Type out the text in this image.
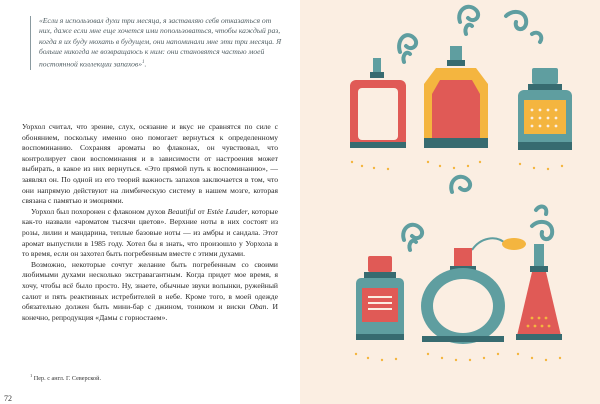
«Если я использовал духи три месяца, я заставляю себя отказаться от них, даже если мне еще хочется ими попользоваться, чтобы каждый раз, когда я их буду нюхать в будущем, они напоминали мне эти три месяца. Я больше никогда не возвращаюсь к ним: они становятся частью моей постоянной коллекции запахов»$^1$.

Уорхол считал, что зрение, слух, осязание и вкус не сравнятся по силе с обонянием, поскольку именно оно помогает вернуться к определенному воспоминанию. Сохраняя ароматы во флаконах, он чувствовал, что контролирует свои воспоминания и в зависимости от настроения может выбирать, в какое из них вернуться. «Это прямой путь к воспоминанию», — заявлял он. По одной из его теорий важность запахов заключается в том, что они напрямую действуют на лимбическую систему в нашем мозге, которая связана с памятью и эмоциями.

Уорхол был похоронен с флаконом духов Beautiful от Estée Lauder, которые как-то назвали «ароматом тысячи цветов». Верхние ноты в них состоят из розы, лилии и мандарина, теплые базовые ноты — из амбры и сандала. Этот аромат выпустили в 1985 году. Хотел бы я знать, что произошло у Уорхола в то время, если он захотел быть погребенным вместе с этими духами.

Возможно, некоторые сочтут желание быть погребенным со своими любимыми духами несколько экстравагантным. Когда придет мое время, я хочу, чтобы всё было просто. Ну, знаете, обычные звуки волынки, ружейный салют и пять реактивных истребителей в небе. Кроме того, в моей одежде обязательно должен быть мини-бар с джином, тоником и виски Oban. И конечно, репродукция «Дамы с горностаем».

$^1$ Пер. с англ. Г. Северской.
72
